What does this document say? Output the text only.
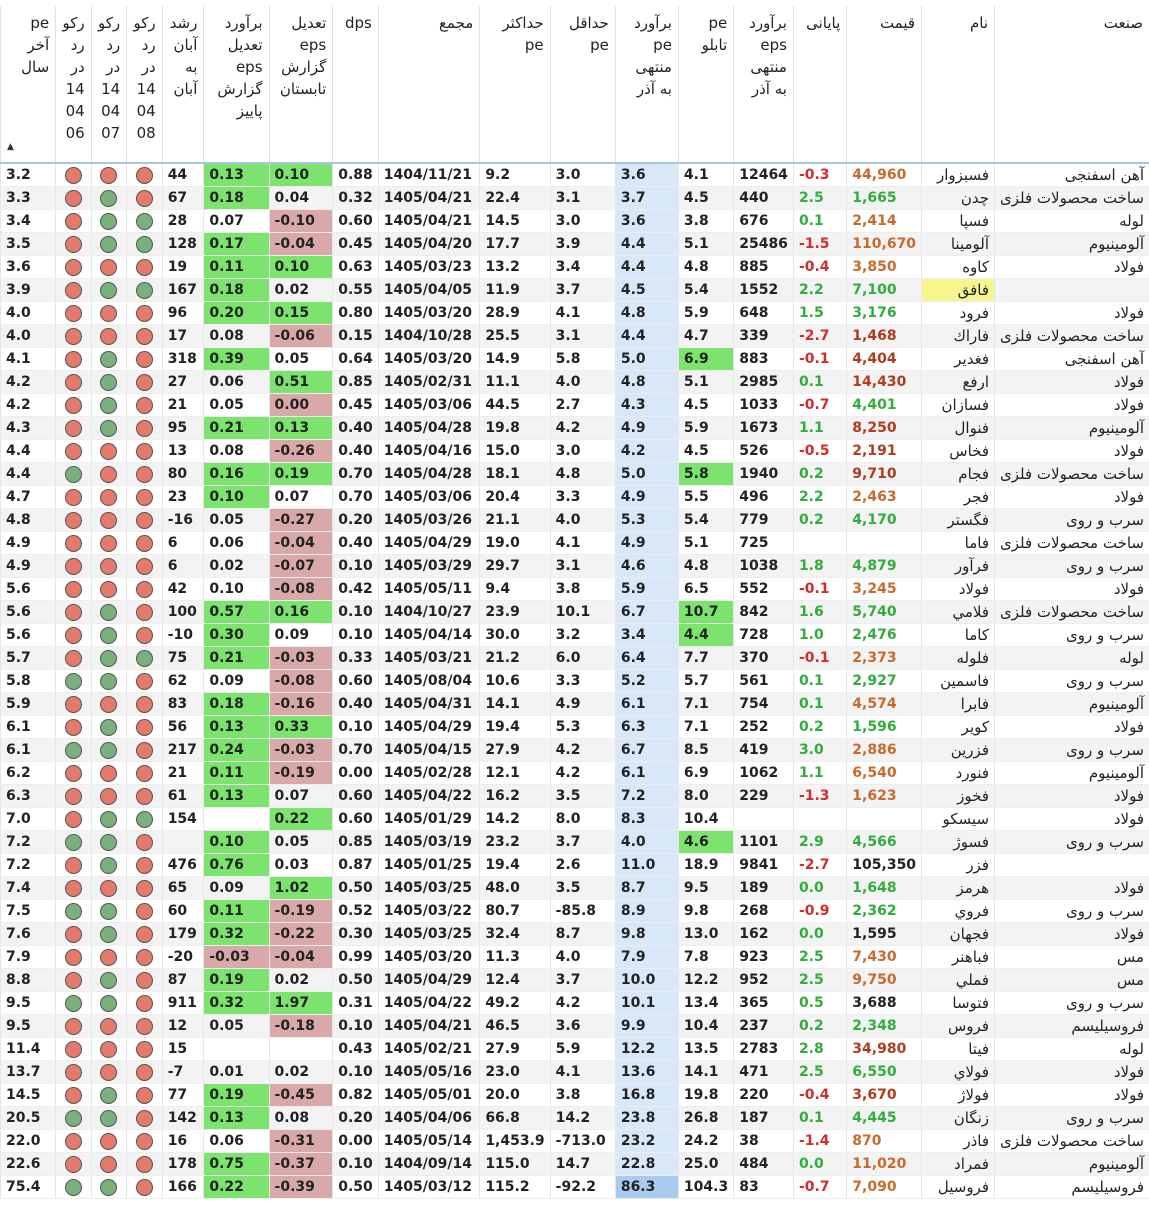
صنعت	نام	قیمت	پایانی	برآورد eps منتهی به آذر	pe تابلو	برآورد pe منتهی به آذر	حداقل pe	حداکثر pe	مجمع	dps	تعدیل eps گزارش تابستان	برآورد تعدیل eps گزارش پاییز	رشد آبان به آبان	رکو رد در 14 04 08	رکو رد در 14 04 07	رکو رد در 14 04 06	pe آخر سال
▲

آهن اسفنجی	فسبزوار	44,960	-0.3	12464	4.1	3.6	3.0	9.2	1404/11/21	0.88	0.10	0.13	44				3.2
ساخت محصولات فلزی	چدن	1,665	2.5	440	4.5	3.7	3.1	22.4	1405/04/21	0.32	0.04	0.18	67				3.3
لوله	فسپا	2,414	0.1	676	3.8	3.6	3.0	14.5	1405/04/21	0.60	-0.10	0.07	28				3.4
آلومینیوم	آلومينا	110,670	-1.5	25486	5.1	4.4	3.9	17.7	1405/04/20	0.45	-0.04	0.17	128				3.5
فولاد	کاوه	3,850	-0.4	885	4.8	4.4	3.4	13.2	1405/03/23	0.63	0.10	0.11	19				3.6
	فافق	7,100	2.2	1552	5.4	4.5	3.7	11.9	1405/04/05	0.55	0.02	0.18	167				3.9
فولاد	فرود	3,176	1.5	648	5.9	4.8	4.1	28.9	1405/03/20	0.80	0.15	0.20	96				4.0
ساخت محصولات فلزی	فاراك	1,468	-2.7	339	4.7	4.4	3.1	25.5	1404/10/28	0.15	-0.06	0.08	17				4.0
آهن اسفنجی	فغدير	4,404	-0.1	883	6.9	5.0	5.8	14.9	1405/03/20	0.64	0.05	0.39	318				4.1
فولاد	ارفع	14,430	0.1	2985	5.1	4.8	4.0	11.1	1405/02/31	0.85	0.51	0.06	27				4.2
فولاد	فسازان	4,401	-0.7	1033	4.5	4.3	2.7	44.5	1405/03/06	0.45	0.00	0.05	21				4.2
آلومینیوم	فنوال	8,250	1.1	1673	5.9	4.9	4.2	19.8	1405/04/28	0.40	0.13	0.21	95				4.3
فولاد	فخاس	2,191	-0.5	526	4.5	4.2	3.0	15.0	1405/04/16	0.40	-0.26	0.08	13				4.4
ساخت محصولات فلزی	فجام	9,710	0.2	1940	5.8	5.0	4.8	18.1	1405/04/28	0.70	0.19	0.16	80				4.4
فولاد	فجر	2,463	2.2	496	5.5	4.9	3.3	20.4	1405/03/06	0.70	0.07	0.10	23				4.7
سرب و روی	فگستر	4,170	0.2	779	5.4	5.3	4.0	21.1	1405/03/26	0.20	-0.27	0.05	-16				4.8
ساخت محصولات فلزی	فاما			725	5.1	4.9	4.1	19.0	1405/04/29	0.40	-0.04	0.06	6				4.9
سرب و روی	فرآور	4,879	1.8	1038	4.8	4.6	3.1	29.7	1405/03/29	0.10	-0.07	0.02	6				4.9
فولاد	فولاد	3,245	-0.1	552	6.5	5.9	3.8	9.4	1405/05/11	0.42	-0.08	0.10	42				5.6
ساخت محصولات فلزی	فلامي	5,740	1.6	842	10.7	6.7	10.1	23.9	1404/10/27	0.10	0.16	0.57	100				5.6
سرب و روی	کاما	2,476	1.0	728	4.4	3.4	3.2	30.0	1405/04/14	0.10	0.09	0.30	-10				5.6
لوله	فلوله	2,373	-0.1	370	7.7	6.4	6.0	21.2	1405/03/21	0.33	-0.03	0.21	75				5.7
سرب و روی	فاسمين	2,927	0.1	561	5.7	5.2	3.3	10.6	1405/08/04	0.60	-0.08	0.09	62				5.8
آلومینیوم	فابرا	4,574	0.1	754	7.1	6.1	4.9	14.1	1405/04/31	0.40	-0.16	0.18	83				5.9
فولاد	کویر	1,596	0.2	252	7.1	6.3	5.3	19.4	1405/04/29	0.10	0.33	0.13	56				6.1
سرب و روی	فزرين	2,886	3.0	419	8.5	6.7	4.2	27.9	1405/04/15	0.70	-0.03	0.24	217				6.1
آلومینیوم	فنورد	6,540	1.1	1062	6.9	6.1	4.2	12.1	1405/02/28	0.00	-0.19	0.11	21				6.2
فولاد	فخوز	1,623	-1.3	229	8.0	7.2	3.5	16.2	1405/04/22	0.60	0.07	0.13	61				6.3
فولاد	سیسکو				10.4	8.3	8.0	14.2	1405/01/29	0.60	0.22		154				7.0
سرب و روی	فسوژ	4,566	2.9	1101	4.6	4.0	3.7	23.2	1405/03/19	0.85	0.05	0.10					7.2
	فزر	105,350	-2.7	9841	18.9	11.0	2.6	19.4	1405/01/25	0.87	0.03	0.76	476				7.2
فولاد	هرمز	1,648	0.0	189	9.5	8.7	3.5	48.0	1405/03/25	0.50	1.02	0.09	65				7.4
سرب و روی	فروي	2,362	-0.9	268	9.8	8.9	-85.8	80.7	1405/03/22	0.52	-0.19	0.11	60				7.5
فولاد	فجهان	1,595	0.0	162	13.0	9.8	8.7	32.4	1405/03/25	0.30	-0.22	0.32	179				7.6
مس	فباهنر	7,430	2.5	923	7.8	7.9	4.0	11.3	1405/03/20	0.99	-0.04	-0.03	-20				7.9
مس	فملي	9,750	2.5	952	12.2	10.0	3.7	12.4	1405/04/29	0.50	0.02	0.19	87				8.8
سرب و روی	فتوسا	3,688	0.5	365	13.4	10.1	4.2	49.2	1405/04/22	0.31	1.97	0.32	911				9.5
فروسیلیسم	فروس	2,348	0.2	237	10.4	9.9	3.6	46.5	1405/04/21	0.10	-0.18	0.05	12				9.5
لوله	فیتا	34,980	2.8	2783	13.5	12.2	5.9	27.9	1405/02/21	0.43			15				11.4
فولاد	فولاي	6,550	2.5	471	14.1	13.6	4.1	23.0	1405/05/16	0.10	0.02	0.01	-7				13.7
فولاد	فولاژ	3,670	-0.4	220	19.8	16.8	3.8	20.0	1405/05/01	0.82	-0.45	0.19	77				14.5
سرب و روی	زنگان	4,445	0.1	187	26.8	23.8	14.2	66.8	1405/04/06	0.20	0.08	0.13	142				20.5
ساخت محصولات فلزی	فاذر	870	-1.4	38	24.2	23.2	-713.0	1,453.9	1405/05/14	0.00	-0.31	0.06	16				22.0
آلومینیوم	فمراد	11,020	0.0	484	25.0	22.8	14.7	115.0	1404/09/14	0.10	-0.37	0.75	178				22.6
فروسیلیسم	فروسيل	7,090	-0.7	83	104.3	86.3	-92.2	115.2	1405/03/12	0.50	-0.39	0.22	166				75.4
